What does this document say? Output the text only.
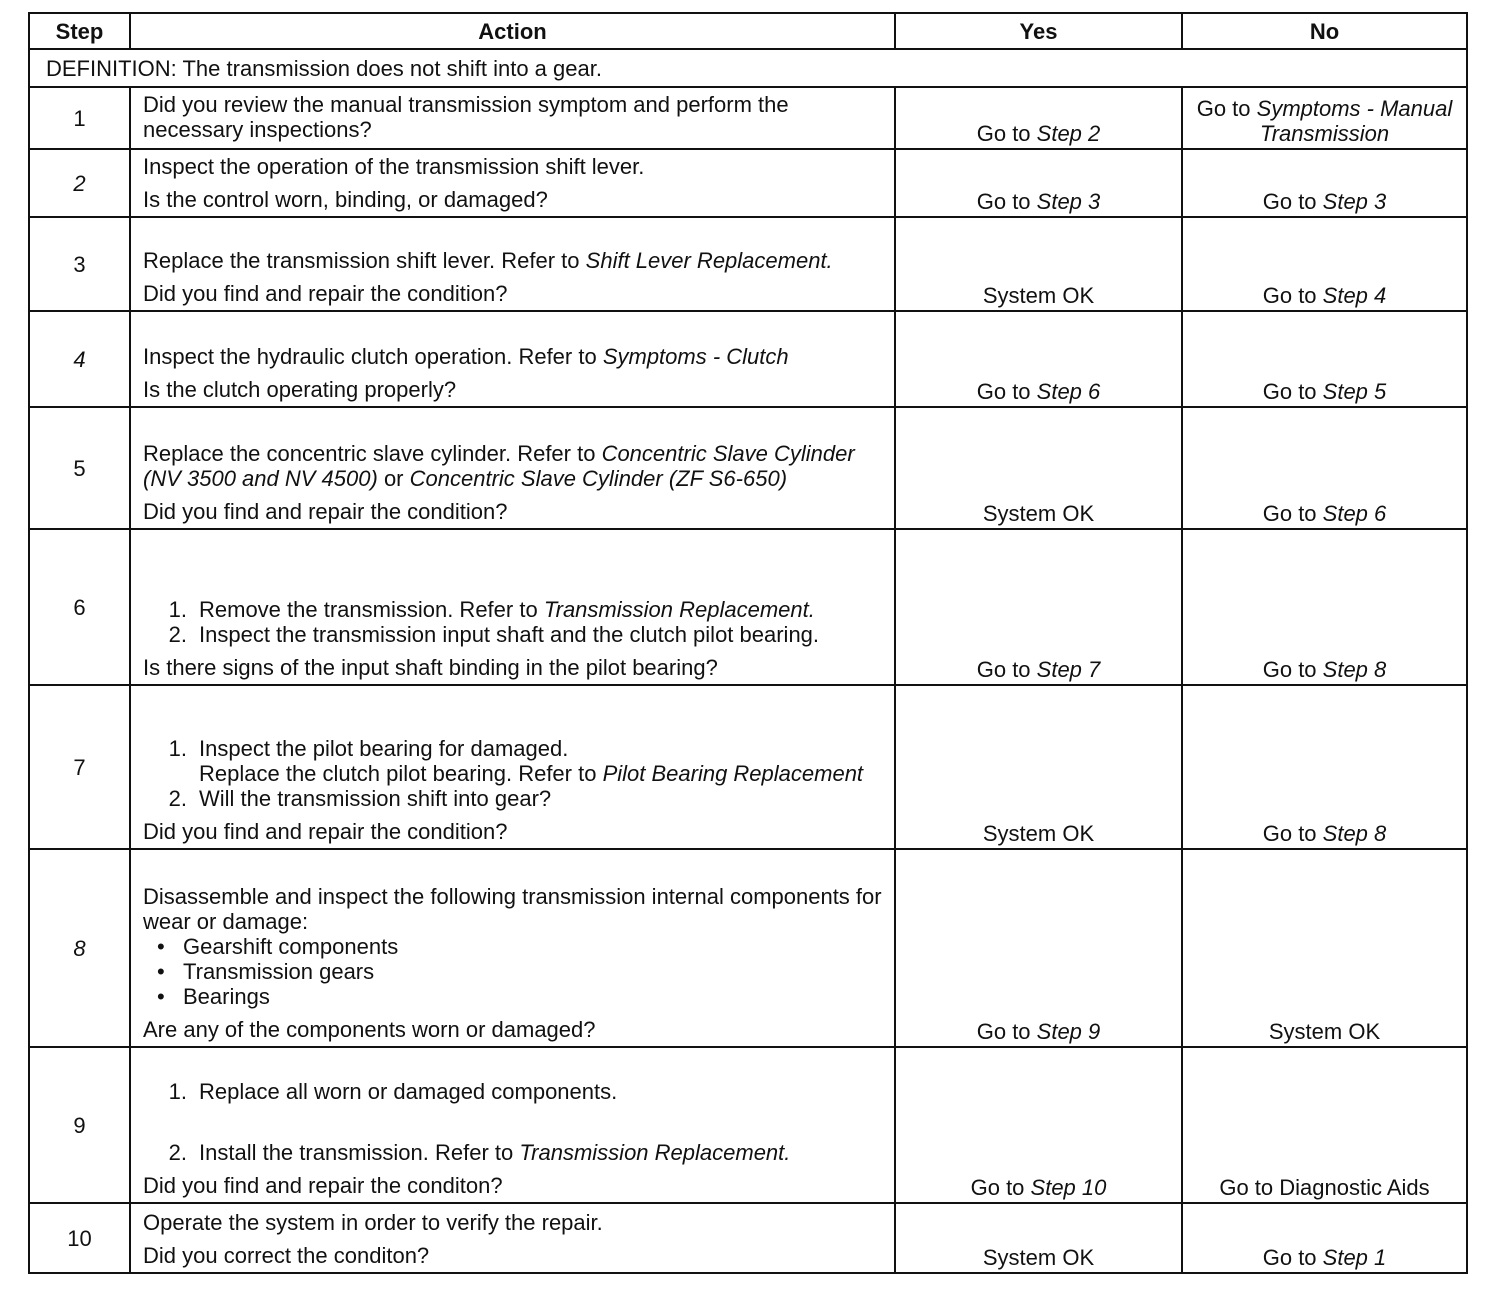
Step	Action	Yes	No
DEFINITION: The transmission does not shift into a gear.			
1	Did you review the manual transmission symptom and perform the necessary inspections?	Go to Step 2	Go to Symptoms - Manual Transmission
2	Inspect the operation of the transmission shift lever.

Is the control worn, binding, or damaged?	Go to Step 3	Go to Step 3
3	Replace the transmission shift lever. Refer to Shift Lever Replacement.

Did you find and repair the condition?	System OK	Go to Step 4
4	Inspect the hydraulic clutch operation. Refer to Symptoms - Clutch

Is the clutch operating properly?	Go to Step 6	Go to Step 5
5	Replace the concentric slave cylinder. Refer to Concentric Slave Cylinder (NV 3500 and NV 4500) or Concentric Slave Cylinder (ZF S6-650)

Did you find and repair the condition?	System OK	Go to Step 6
6	1. Remove the transmission. Refer to Transmission Replacement.
2. Inspect the transmission input shaft and the clutch pilot bearing.

Is there signs of the input shaft binding in the pilot bearing?	Go to Step 7	Go to Step 8
7	
1. Inspect the pilot bearing for damaged.
Replace the clutch pilot bearing. Refer to Pilot Bearing Replacement
2. Will the transmission shift into gear?

Did you find and repair the condition?	System OK	Go to Step 8
8	

Disassemble and inspect the following transmission internal components for wear or damage:

• Gearshift components
• Transmission gears
• Bearings

Are any of the components worn or damaged?	Go to Step 9	System OK
9	1. Replace all worn or damaged components.
2. Install the transmission. Refer to Transmission Replacement.

Did you find and repair the conditon?	Go to Step 10	Go to Diagnostic Aids
10	Operate the system in order to verify the repair.

Did you correct the conditon?	System OK	Go to Step 1
